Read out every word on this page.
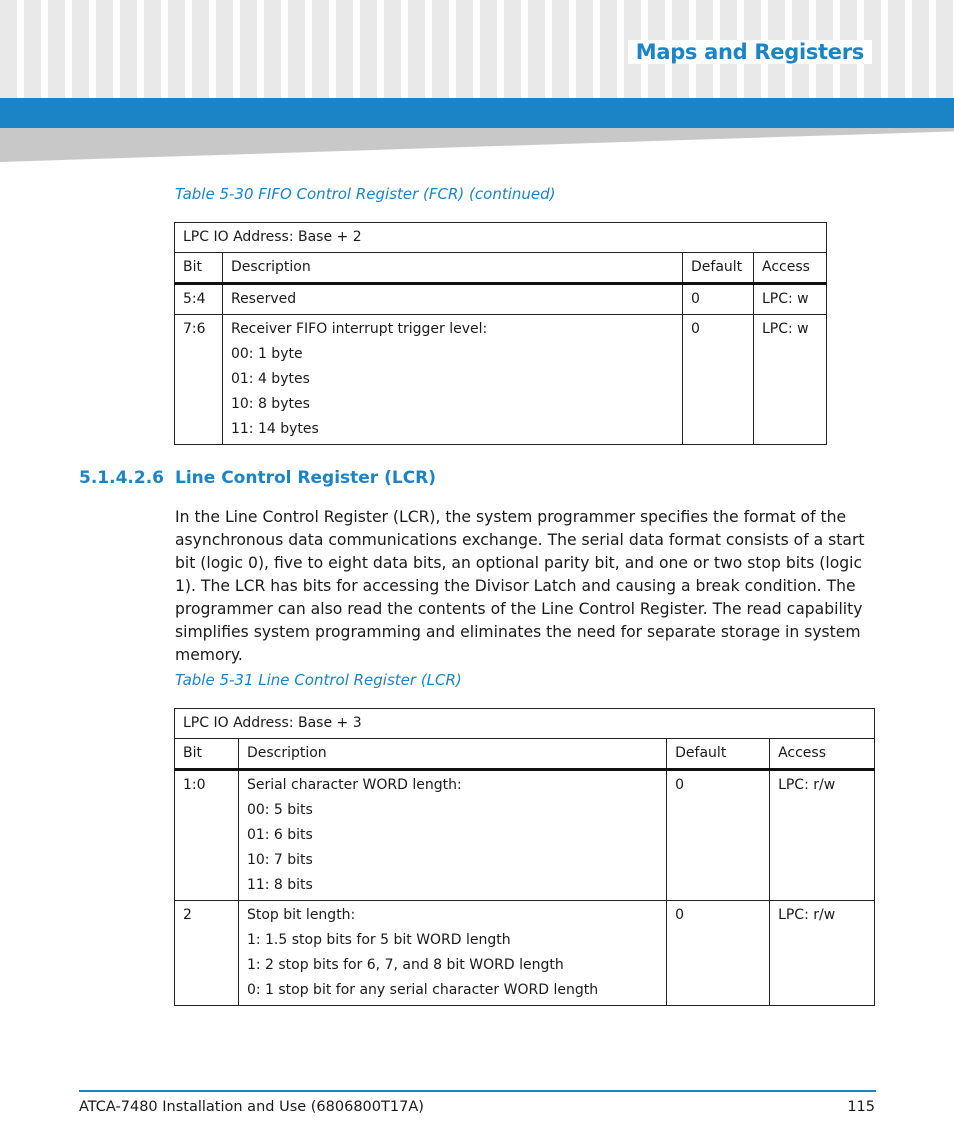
Maps and Registers
Table 5-30 FIFO Control Register (FCR) (continued)
LPC IO Address: Base + 2			
Bit	Description	Default	Access
5:4	Reserved	0	LPC: w
7:6	Receiver FIFO interrupt trigger level:
00: 1 byte
01: 4 bytes
10: 8 bytes
11: 14 bytes	0	LPC: w
5.1.4.2.6 Line Control Register (LCR)
In the Line Control Register (LCR), the system programmer specifies the format of the asynchronous data communications exchange. The serial data format consists of a start bit (logic 0), five to eight data bits, an optional parity bit, and one or two stop bits (logic 1). The LCR has bits for accessing the Divisor Latch and causing a break condition. The programmer can also read the contents of the Line Control Register. The read capability simplifies system programming and eliminates the need for separate storage in system memory.
Table 5-31 Line Control Register (LCR)
LPC IO Address: Base + 3			
Bit	Description	Default	Access
1:0	Serial character WORD length:
00: 5 bits
01: 6 bits
10: 7 bits
11: 8 bits	0	LPC: r/w
2	Stop bit length:
1: 1.5 stop bits for 5 bit WORD length
1: 2 stop bits for 6, 7, and 8 bit WORD length
0: 1 stop bit for any serial character WORD length	0	LPC: r/w
ATCA-7480 Installation and Use (6806800T17A)	115
